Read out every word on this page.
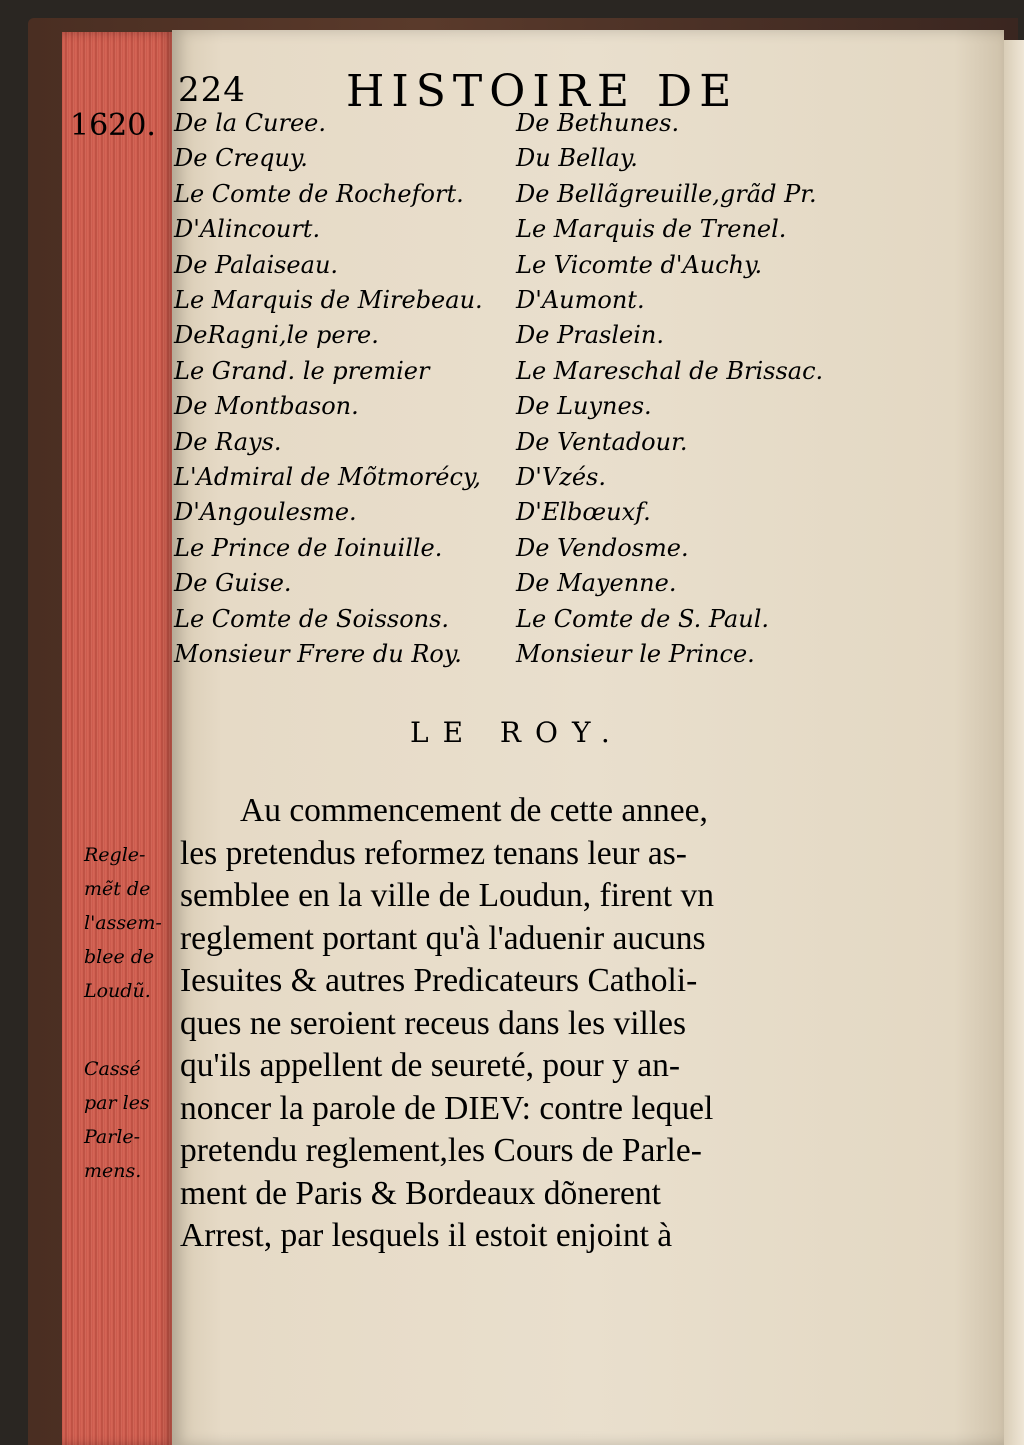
224 HISTOIRE DE
1620. De la Curee.
De Crequy.
Le Comte de Rochefort.
D'Alincourt.
De Palaiseau.
Le Marquis de Mirebeau.
DeRagni,le pere.
Le Grand. le premier
De Montbason.
De Rays.
L'Admiral de Mõtmorécy,
D'Angoulesme.
Le Prince de Ioinuille.
De Guise.
Le Comte de Soissons.
Monsieur Frere du Roy.
De Bethunes.
Du Bellay.
De Bellãgreuille,grãd Pr.
Le Marquis de Trenel.
Le Vicomte d'Auchy.
D'Aumont.
De Praslein.
Le Mareschal de Brissac.
De Luynes.
De Ventadour.
D'Vzés.
D'Elbœuxf.
De Vendosme.
De Mayenne.
Le Comte de S. Paul.
Monsieur le Prince.
LE ROY.
Au commencement de cette annee,
les pretendus reformez tenans leur as-
semblee en la ville de Loudun, firent vn
reglement portant qu'à l'aduenir aucuns
Iesuites & autres Predicateurs Catholi-
ques ne seroient receus dans les villes
qu'ils appellent de seureté, pour y an-
noncer la parole de DIEV: contre lequel
pretendu reglement,les Cours de Parle-
ment de Paris & Bordeaux dõnerent
Arrest, par lesquels il estoit enjoint à
Regle-
mẽt de
l'assem-
blee de
Loudũ.
Cassé
par les
Parle-
mens.
